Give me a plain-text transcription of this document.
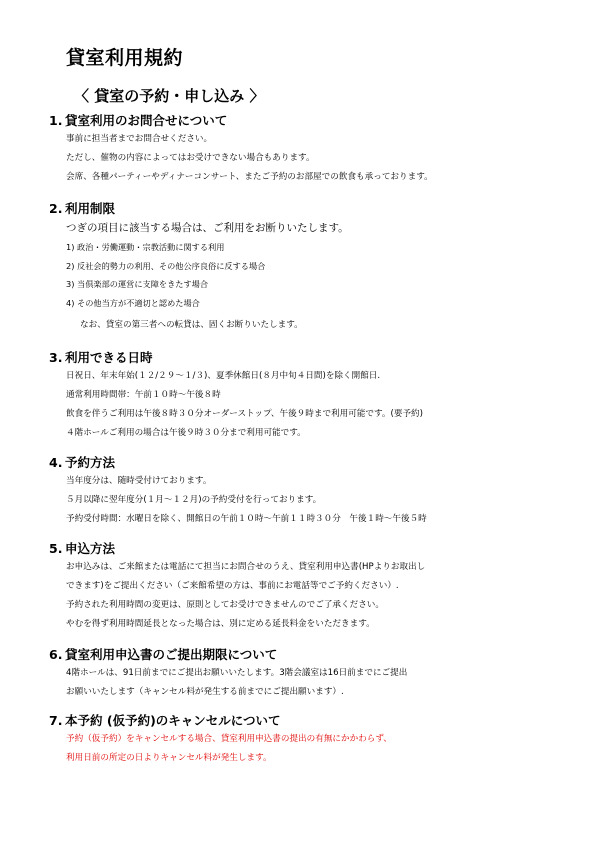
貸室利用規約
〈 貸室の予約・申し込み 〉
1. 貸室利用のお問合せについて
事前に担当者までお問合せください。
ただし、催物の内容によってはお受けできない場合もあります。
会席、各種パーティーやディナーコンサート、またご予約のお部屋での飲食も承っております。
2. 利用制限
つぎの項目に該当する場合は、ご利用をお断りいたします。
1) 政治・労働運動・宗教活動に関する利用
2) 反社会的勢力の利用、その他公序良俗に反する場合
3) 当倶楽部の運営に支障をきたす場合
4) その他当方が不適切と認めた場合
なお、貸室の第三者への転貸は、固くお断りいたします。
3. 利用できる日時
日祝日、年末年始(１２/２９～１/３)、夏季休館日(８月中旬４日間)を除く開館日.
通常利用時間帯：午前１０時～午後８時
飲食を伴うご利用は午後８時３０分オーダーストップ、午後９時まで利用可能です。(要予約)
４階ホールご利用の場合は午後９時３０分まで利用可能です。
4. 予約方法
当年度分は、随時受付けております。
５月以降に翌年度分(１月～１２月)の予約受付を行っております。
予約受付時間：水曜日を除く、開館日の午前１０時～午前１１時３０分　午後１時～午後５時
5. 申込方法
お申込みは、ご来館または電話にて担当にお問合せのうえ、貸室利用申込書(HPよりお取出し
できます)をご提出ください（ご来館希望の方は、事前にお電話等でご予約ください）.
予約された利用時間の変更は、原則としてお受けできませんのでご了承ください。
やむを得ず利用時間延長となった場合は、別に定める延長料金をいただきます。
6. 貸室利用申込書のご提出期限について
4階ホールは、91日前までにご提出お願いいたします。3階会議室は16日前までにご提出
お願いいたします（キャンセル料が発生する前までにご提出願います）.
7. 本予約 (仮予約)のキャンセルについて
予約（仮予約）をキャンセルする場合、貸室利用申込書の提出の有無にかかわらず、
利用日前の所定の日よりキャンセル料が発生します。
